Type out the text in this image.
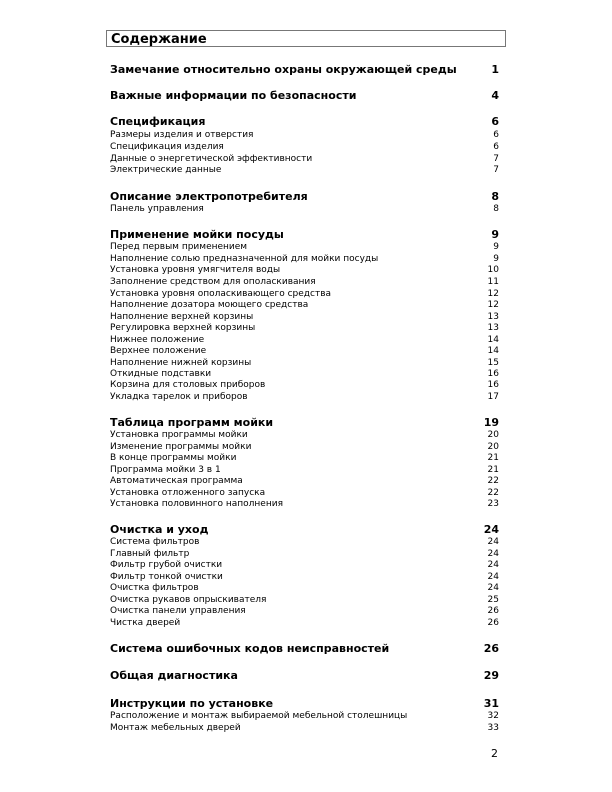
Содержание
Замечание относительно охраны окружающей среды	1
Важные информации по безопасности	4
Спецификация	6
Размеры изделия и отверстия	6
Спецификация изделия	6
Данные о энергетической эффективности	7
Электрические данные	7
Описание электропотребителя	8
Панель управления	8
Применение мойки посуды	9
Перед первым применением	9
Наполнение солью предназначенной для мойки посуды	9
Установка уровня умягчителя воды	10
Заполнение средством для ополаскивания	11
Установка уровня ополаскивающего средства	12
Наполнение дозатора моющего средства	12
Наполнение верхней корзины	13
Регулировка верхней корзины	13
Нижнее положение	14
Верхнее положение	14
Наполнение нижней корзины	15
Откидные подставки	16
Корзина для столовых приборов	16
Укладка тарелок и приборов	17
Таблица программ мойки	19
Установка программы мойки	20
Изменение программы мойки	20
В конце программы мойки	21
Программа мойки 3 в 1	21
Автоматическая программа	22
Установка отложенного запуска	22
Установка половинного наполнения	23
Очистка и уход	24
Система фильтров	24
Главный фильтр	24
Фильтр грубой очистки	24
Фильтр тонкой очистки	24
Очистка фильтров	24
Очистка рукавов опрыскивателя	25
Очистка панели управления	26
Чистка дверей	26
Система ошибочных кодов неисправностей	26
Общая диагностика	29
Инструкции по установке	31
Расположение и монтаж выбираемой мебельной столешницы	32
Монтаж мебельных дверей	33
2
